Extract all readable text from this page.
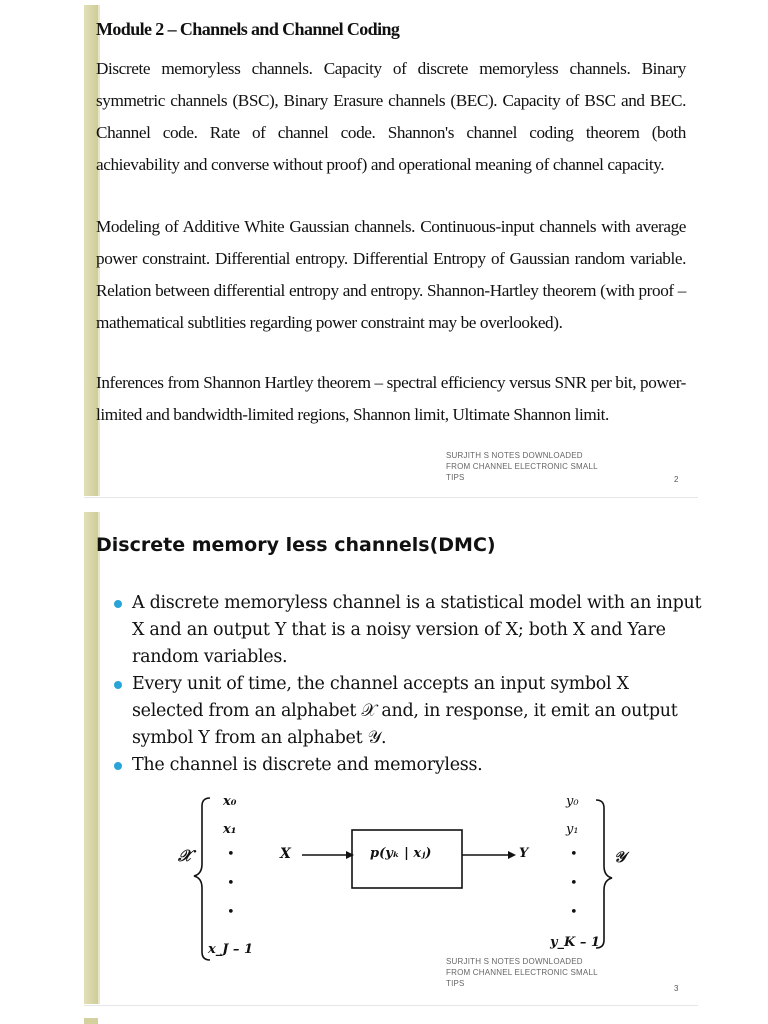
Module 2 – Channels and Channel Coding
Discrete memoryless channels. Capacity of discrete memoryless channels. Binary symmetric channels (BSC), Binary Erasure channels (BEC). Capacity of BSC and BEC. Channel code. Rate of channel code. Shannon's channel coding theorem (both achievability and converse without proof) and operational meaning of channel capacity.
Modeling of Additive White Gaussian channels. Continuous-input channels with average power constraint. Differential entropy. Differential Entropy of Gaussian random variable. Relation between differential entropy and entropy. Shannon-Hartley theorem (with proof – mathematical subtlities regarding power constraint may be overlooked).
Inferences from Shannon Hartley theorem – spectral efficiency versus SNR per bit, power-limited and bandwidth-limited regions, Shannon limit, Ultimate Shannon limit.
SURJITH S NOTES DOWNLOADED
FROM CHANNEL ELECTRONIC SMALL
TIPS	2
Discrete memory less channels(DMC)
A discrete memoryless channel is a statistical model with an input X and an output Y that is a noisy version of X; both X and Yare random variables.
Every unit of time, the channel accepts an input symbol X selected from an alphabet 𝒳 and, in response, it emit an output symbol Y from an alphabet 𝒴.
The channel is discrete and memoryless.
x₀
x₁
•
•
•
x_J – 1
𝒳	X	p(yₖ | xⱼ)	Y
y₀
y₁
•
•
•
y_K – 1
𝒴
SURJITH S NOTES DOWNLOADED
FROM CHANNEL ELECTRONIC SMALL
TIPS
3
